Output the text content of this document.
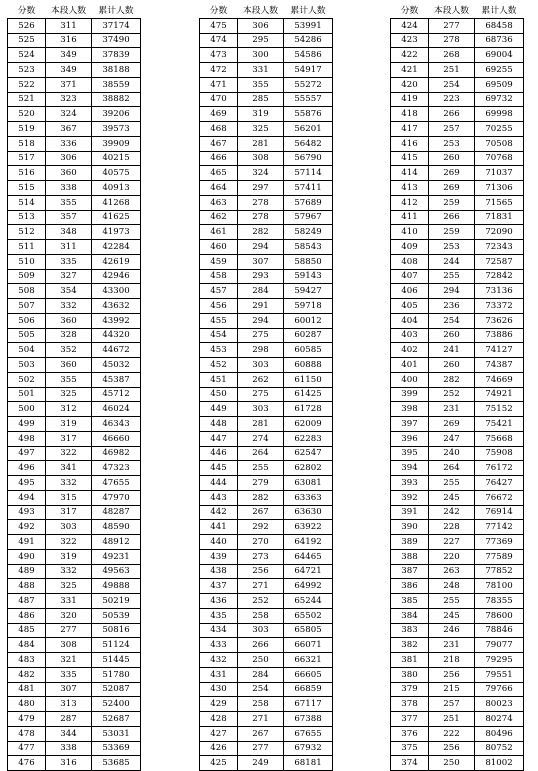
分数	本段人数	累计人数
526	311	37174
525	316	37490
524	349	37839
523	349	38188
522	371	38559
521	323	38882
520	324	39206
519	367	39573
518	336	39909
517	306	40215
516	360	40575
515	338	40913
514	355	41268
513	357	41625
512	348	41973
511	311	42284
510	335	42619
509	327	42946
508	354	43300
507	332	43632
506	360	43992
505	328	44320
504	352	44672
503	360	45032
502	355	45387
501	325	45712
500	312	46024
499	319	46343
498	317	46660
497	322	46982
496	341	47323
495	332	47655
494	315	47970
493	317	48287
492	303	48590
491	322	48912
490	319	49231
489	332	49563
488	325	49888
487	331	50219
486	320	50539
485	277	50816
484	308	51124
483	321	51445
482	335	51780
481	307	52087
480	313	52400
479	287	52687
478	344	53031
477	338	53369
476	316	53685
分数	本段人数	累计人数
475	306	53991
474	295	54286
473	300	54586
472	331	54917
471	355	55272
470	285	55557
469	319	55876
468	325	56201
467	281	56482
466	308	56790
465	324	57114
464	297	57411
463	278	57689
462	278	57967
461	282	58249
460	294	58543
459	307	58850
458	293	59143
457	284	59427
456	291	59718
455	294	60012
454	275	60287
453	298	60585
452	303	60888
451	262	61150
450	275	61425
449	303	61728
448	281	62009
447	274	62283
446	264	62547
445	255	62802
444	279	63081
443	282	63363
442	267	63630
441	292	63922
440	270	64192
439	273	64465
438	256	64721
437	271	64992
436	252	65244
435	258	65502
434	303	65805
433	266	66071
432	250	66321
431	284	66605
430	254	66859
429	258	67117
428	271	67388
427	267	67655
426	277	67932
425	249	68181
分数	本段人数	累计人数
424	277	68458
423	278	68736
422	268	69004
421	251	69255
420	254	69509
419	223	69732
418	266	69998
417	257	70255
416	253	70508
415	260	70768
414	269	71037
413	269	71306
412	259	71565
411	266	71831
410	259	72090
409	253	72343
408	244	72587
407	255	72842
406	294	73136
405	236	73372
404	254	73626
403	260	73886
402	241	74127
401	260	74387
400	282	74669
399	252	74921
398	231	75152
397	269	75421
396	247	75668
395	240	75908
394	264	76172
393	255	76427
392	245	76672
391	242	76914
390	228	77142
389	227	77369
388	220	77589
387	263	77852
386	248	78100
385	255	78355
384	245	78600
383	246	78846
382	231	79077
381	218	79295
380	256	79551
379	215	79766
378	257	80023
377	251	80274
376	222	80496
375	256	80752
374	250	81002
